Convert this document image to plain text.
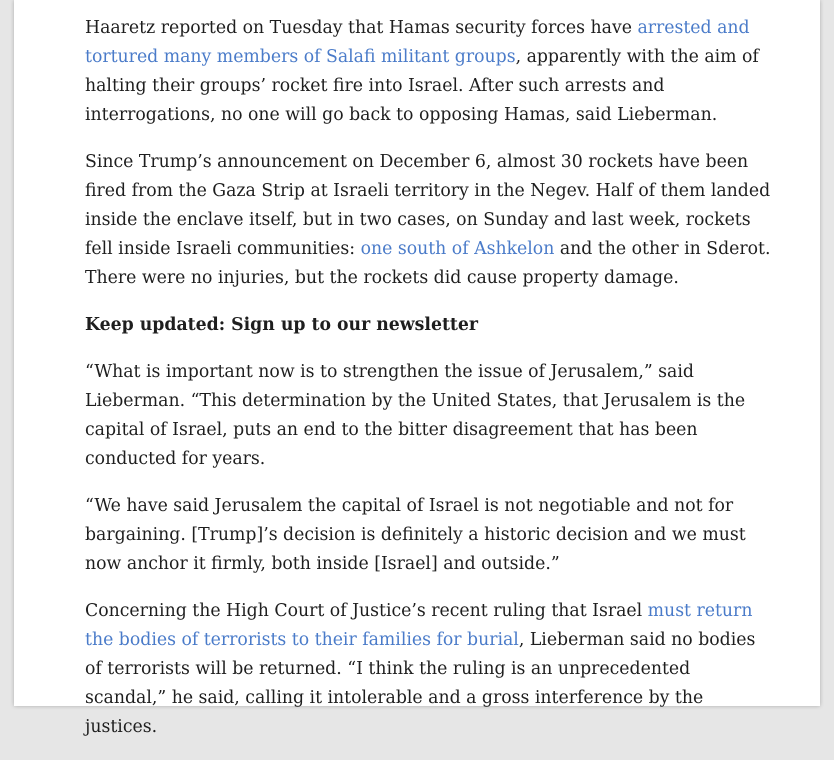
Haaretz reported on Tuesday that Hamas security forces have arrested and tortured many members of Salafi militant groups, apparently with the aim of halting their groups’ rocket fire into Israel. After such arrests and interrogations, no one will go back to opposing Hamas, said Lieberman.

Since Trump’s announcement on December 6, almost 30 rockets have been fired from the Gaza Strip at Israeli territory in the Negev. Half of them landed inside the enclave itself, but in two cases, on Sunday and last week, rockets fell inside Israeli communities: one south of Ashkelon and the other in Sderot. There were no injuries, but the rockets did cause property damage.

Keep updated: Sign up to our newsletter

“What is important now is to strengthen the issue of Jerusalem,” said Lieberman. “This determination by the United States, that Jerusalem is the capital of Israel, puts an end to the bitter disagreement that has been conducted for years.

“We have said Jerusalem the capital of Israel is not negotiable and not for bargaining. [Trump]’s decision is definitely a historic decision and we must now anchor it firmly, both inside [Israel] and outside.”

Concerning the High Court of Justice’s recent ruling that Israel must return the bodies of terrorists to their families for burial, Lieberman said no bodies of terrorists will be returned. “I think the ruling is an unprecedented scandal,” he said, calling it intolerable and a gross interference by the justices.
